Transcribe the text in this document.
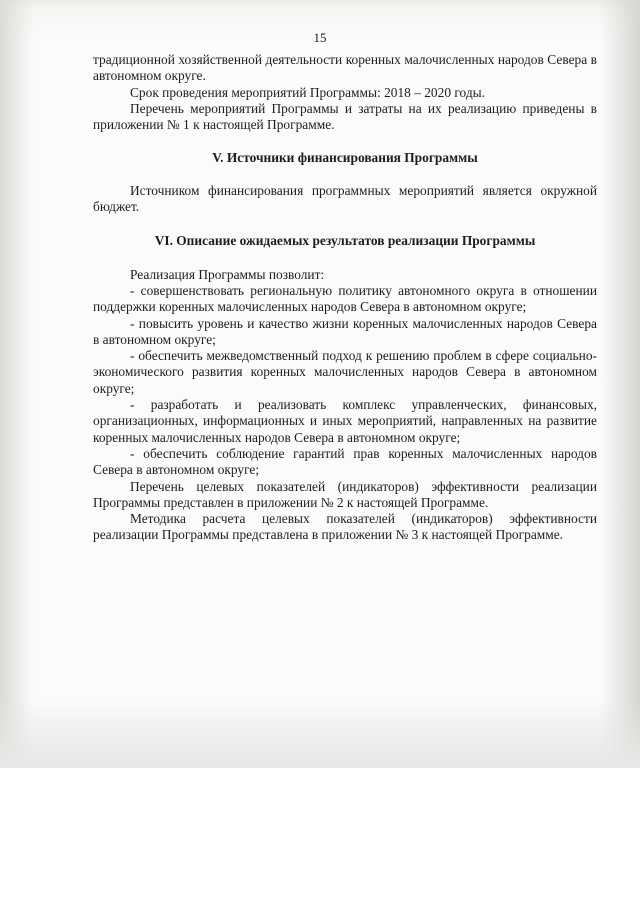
15

традиционной хозяйственной деятельности коренных малочисленных народов Севера в автономном округе.

Срок проведения мероприятий Программы: 2018 – 2020 годы.

Перечень мероприятий Программы и затраты на их реализацию приведены в приложении № 1 к настоящей Программе.

V. Источники финансирования Программы

Источником финансирования программных мероприятий является окружной бюджет.

VI. Описание ожидаемых результатов реализации Программы

Реализация Программы позволит:

- совершенствовать региональную политику автономного округа в отношении поддержки коренных малочисленных народов Севера в автономном округе;

- повысить уровень и качество жизни коренных малочисленных народов Севера в автономном округе;

- обеспечить межведомственный подход к решению проблем в сфере социально-экономического развития коренных малочисленных народов Севера в автономном округе;

- разработать и реализовать комплекс управленческих, финансовых, организационных, информационных и иных мероприятий, направленных на развитие коренных малочисленных народов Севера в автономном округе;

- обеспечить соблюдение гарантий прав коренных малочисленных народов Севера в автономном округе;

Перечень целевых показателей (индикаторов) эффективности реализации Программы представлен в приложении № 2 к настоящей Программе.

Методика расчета целевых показателей (индикаторов) эффективности реализации Программы представлена в приложении № 3 к настоящей Программе.
